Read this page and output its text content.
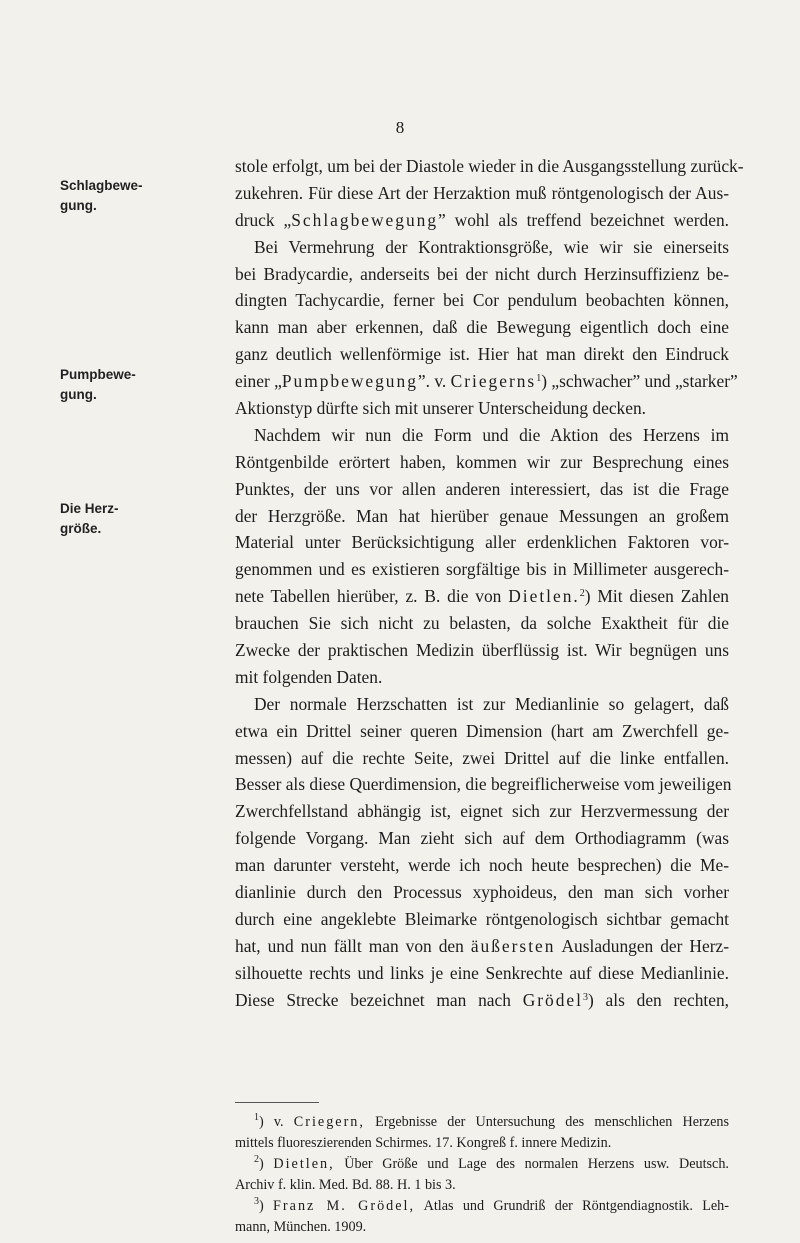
8
Schlagbewe-
gung.
Pumpbewe-
gung.
Die Herz-
größe.
stole erfolgt, um bei der Diastole wieder in die Ausgangsstellung zurück-
zukehren. Für diese Art der Herzaktion muß röntgenologisch der Aus-
druck „Schlagbewegung” wohl als treffend bezeichnet werden.
Bei Vermehrung der Kontraktionsgröße, wie wir sie einerseits
bei Bradycardie, anderseits bei der nicht durch Herzinsuffizienz be-
dingten Tachycardie, ferner bei Cor pendulum beobachten können,
kann man aber erkennen, daß die Bewegung eigentlich doch eine
ganz deutlich wellenförmige ist. Hier hat man direkt den Eindruck
einer „Pumpbewegung”. v. Criegerns$^1$) „schwacher” und „starker”
Aktionstyp dürfte sich mit unserer Unterscheidung decken.
Nachdem wir nun die Form und die Aktion des Herzens im
Röntgenbilde erörtert haben, kommen wir zur Besprechung eines
Punktes, der uns vor allen anderen interessiert, das ist die Frage
der Herzgröße. Man hat hierüber genaue Messungen an großem
Material unter Berücksichtigung aller erdenklichen Faktoren vor-
genommen und es existieren sorgfältige bis in Millimeter ausgerech-
nete Tabellen hierüber, z. B. die von Dietlen.$^2$) Mit diesen Zahlen
brauchen Sie sich nicht zu belasten, da solche Exaktheit für die
Zwecke der praktischen Medizin überflüssig ist. Wir begnügen uns
mit folgenden Daten.
Der normale Herzschatten ist zur Medianlinie so gelagert, daß
etwa ein Drittel seiner queren Dimension (hart am Zwerchfell ge-
messen) auf die rechte Seite, zwei Drittel auf die linke entfallen.
Besser als diese Querdimension, die begreiflicherweise vom jeweiligen
Zwerchfellstand abhängig ist, eignet sich zur Herzvermessung der
folgende Vorgang. Man zieht sich auf dem Orthodiagramm (was
man darunter versteht, werde ich noch heute besprechen) die Me-
dianlinie durch den Processus xyphoideus, den man sich vorher
durch eine angeklebte Bleimarke röntgenologisch sichtbar gemacht
hat, und nun fällt man von den äußersten Ausladungen der Herz-
silhouette rechts und links je eine Senkrechte auf diese Medianlinie.
Diese Strecke bezeichnet man nach Grödel$^3$) als den rechten,
$^1$) v. Criegern, Ergebnisse der Untersuchung des menschlichen Herzens
mittels fluoreszierenden Schirmes. 17. Kongreß f. innere Medizin.
$^2$) Dietlen, Über Größe und Lage des normalen Herzens usw. Deutsch.
Archiv f. klin. Med. Bd. 88. H. 1 bis 3.
$^3$) Franz M. Grödel, Atlas und Grundriß der Röntgendiagnostik. Leh-
mann, München. 1909.
